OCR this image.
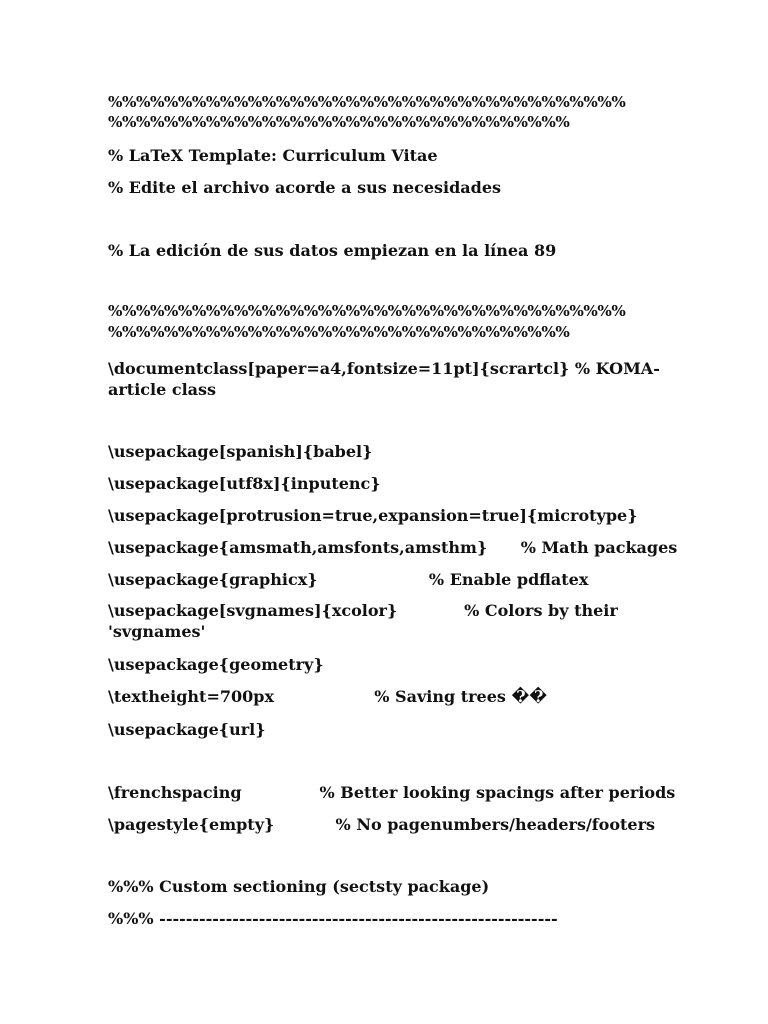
%%%%%%%%%%%%%%%%%%%%%%%%%%%%%%%%%%%%%
%%%%%%%%%%%%%%%%%%%%%%%%%%%%%%%%%
% LaTeX Template: Curriculum Vitae
% Edite el archivo acorde a sus necesidades
% La edición de sus datos empiezan en la línea 89
%%%%%%%%%%%%%%%%%%%%%%%%%%%%%%%%%%%%%
%%%%%%%%%%%%%%%%%%%%%%%%%%%%%%%%%
\documentclass[paper=a4,fontsize=11pt]{scrartcl} % KOMA-
article class
\usepackage[spanish]{babel}
\usepackage[utf8x]{inputenc}
\usepackage[protrusion=true,expansion=true]{microtype}
\usepackage{amsmath,amsfonts,amsthm}      % Math packages
\usepackage{graphicx}                    % Enable pdflatex
\usepackage[svgnames]{xcolor}            % Colors by their
'svgnames'
\usepackage{geometry}
\textheight=700px                  % Saving trees ��
\usepackage{url}
\frenchspacing              % Better looking spacings after periods
\pagestyle{empty}           % No pagenumbers/headers/footers
%%% Custom sectioning (sectsty package)
%%% ------------------------------------------------------------
